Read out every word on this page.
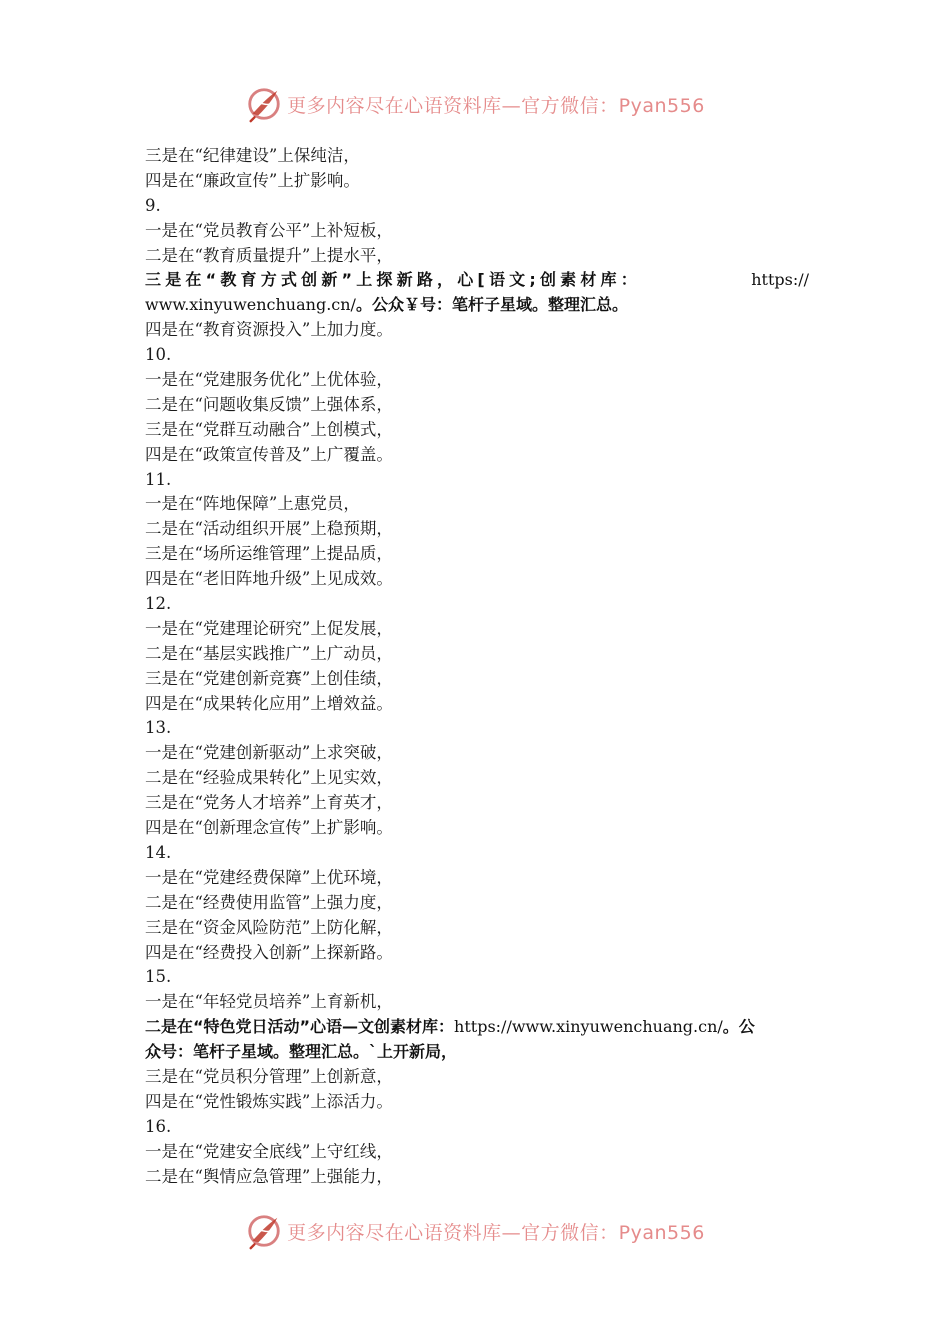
更多内容尽在心语资料库—官方微信：Pyan556
三是在“纪律建设”上保纯洁，
四是在“廉政宣传”上扩影响。
9.
一是在“党员教育公平”上补短板，
二是在“教育质量提升”上提水平，
三是在“教育方式创新”上探新路，心[语文;创素材库：	https://
www.xinyuwenchuang.cn/。公众￥号：笔杆子星域。整理汇总。
四是在“教育资源投入”上加力度。
10.
一是在“党建服务优化”上优体验，
二是在“问题收集反馈”上强体系，
三是在“党群互动融合”上创模式，
四是在“政策宣传普及”上广覆盖。
11.
一是在“阵地保障”上惠党员，
二是在“活动组织开展”上稳预期，
三是在“场所运维管理”上提品质，
四是在“老旧阵地升级”上见成效。
12.
一是在“党建理论研究”上促发展，
二是在“基层实践推广”上广动员，
三是在“党建创新竞赛”上创佳绩，
四是在“成果转化应用”上增效益。
13.
一是在“党建创新驱动”上求突破，
二是在“经验成果转化”上见实效，
三是在“党务人才培养”上育英才，
四是在“创新理念宣传”上扩影响。
14.
一是在“党建经费保障”上优环境，
二是在“经费使用监管”上强力度，
三是在“资金风险防范”上防化解，
四是在“经费投入创新”上探新路。
15.
一是在“年轻党员培养”上育新机，
二是在“特色党日活动”心语—文创素材库：https://www.xinyuwenchuang.cn/。公
众号：笔杆子星域。整理汇总。`上开新局，
三是在“党员积分管理”上创新意，
四是在“党性锻炼实践”上添活力。
16.
一是在“党建安全底线”上守红线，
二是在“舆情应急管理”上强能力，
更多内容尽在心语资料库—官方微信：Pyan556
